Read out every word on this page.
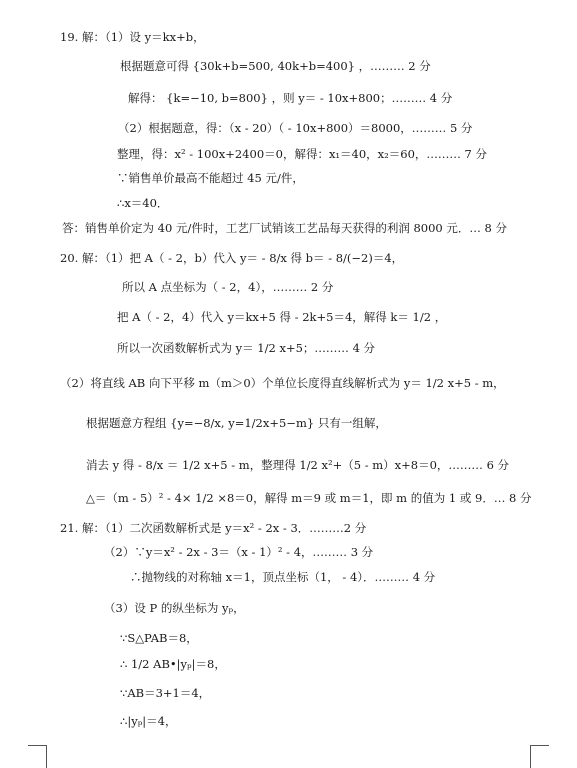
19. 解：（1）设 y＝kx+b，
根据题意可得 {30k+b=500, 40k+b=400} ，……… 2 分
解得： {k=−10, b=800} ，则 y＝ - 10x+800；……… 4 分
（2）根据题意，得：（x - 20）（ - 10x+800）＝8000，……… 5 分
整理，得：x² - 100x+2400＝0，解得：x₁＝40，x₂＝60，……… 7 分
∵销售单价最高不能超过 45 元/件，
∴x＝40．
答：销售单价定为 40 元/件时，工艺厂试销该工艺品每天获得的利润 8000 元．… 8 分
20. 解：（1）把 A（ - 2，b）代入 y＝ - 8/x 得 b＝ - 8/(−2)＝4，
所以 A 点坐标为（ - 2，4），……… 2 分
把 A（ - 2，4）代入 y＝kx+5 得 - 2k+5＝4，解得 k＝ 1/2 ，
所以一次函数解析式为 y＝ 1/2 x+5；……… 4 分
（2）将直线 AB 向下平移 m（m＞0）个单位长度得直线解析式为 y＝ 1/2 x+5 - m，
根据题意方程组 {y=−8/x, y=1/2x+5−m} 只有一组解，
消去 y 得 - 8/x ＝ 1/2 x+5 - m，整理得 1/2 x²+（5 - m）x+8＝0，……… 6 分
△＝（m - 5）² - 4× 1/2 ×8＝0，解得 m＝9 或 m＝1，即 m 的值为 1 或 9．… 8 分
21. 解：（1）二次函数解析式是 y＝x² - 2x - 3．………2 分
（2）∵y＝x² - 2x - 3＝（x - 1）² - 4，……… 3 分
∴抛物线的对称轴 x＝1，顶点坐标（1， - 4）．……… 4 分
（3）设 P 的纵坐标为 yₚ，
∵S△PAB＝8，
∴ 1/2 AB•|yₚ|＝8，
∵AB＝3+1＝4，
∴|yₚ|＝4，
